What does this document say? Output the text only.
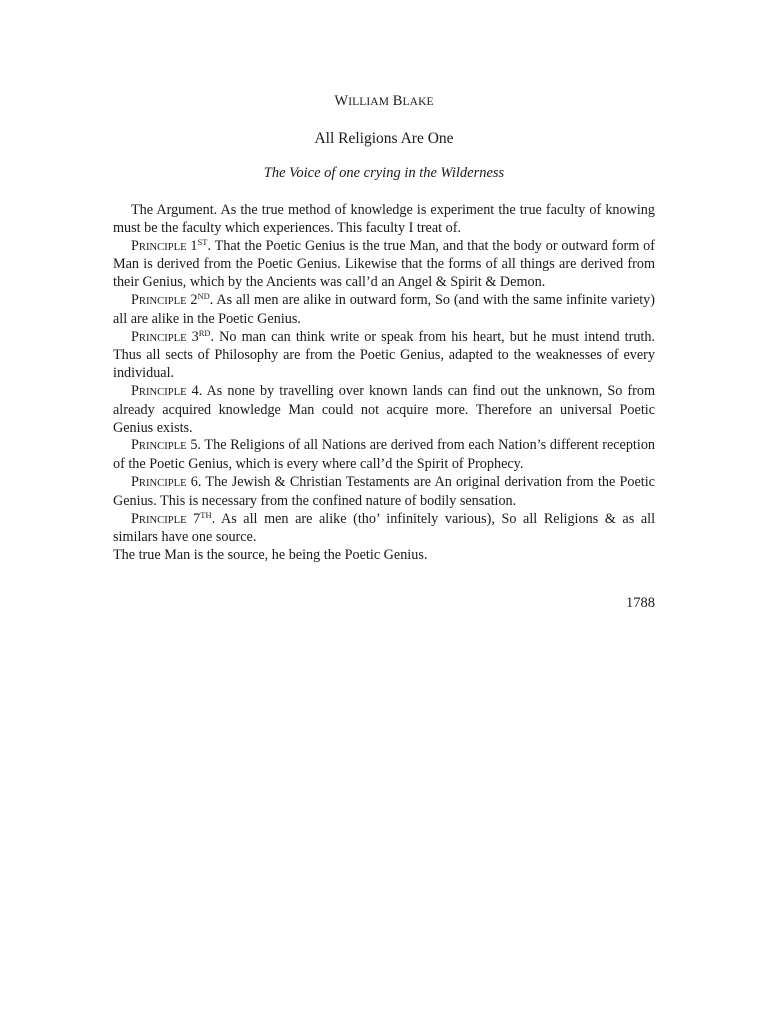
WILLIAM BLAKE
All Religions Are One
The Voice of one crying in the Wilderness

The Argument. As the true method of knowledge is experiment the true faculty of knowing must be the faculty which experiences. This faculty I treat of.

PRINCIPLE 1ST. That the Poetic Genius is the true Man, and that the body or outward form of Man is derived from the Poetic Genius. Likewise that the forms of all things are derived from their Genius, which by the Ancients was call’d an Angel & Spirit & Demon.

PRINCIPLE 2ND. As all men are alike in outward form, So (and with the same infinite variety) all are alike in the Poetic Genius.

PRINCIPLE 3RD. No man can think write or speak from his heart, but he must intend truth. Thus all sects of Philosophy are from the Poetic Genius, adapted to the weaknesses of every individual.

PRINCIPLE 4. As none by travelling over known lands can find out the unknown, So from already acquired knowledge Man could not acquire more. Therefore an universal Poetic Genius exists.

PRINCIPLE 5. The Religions of all Nations are derived from each Nation’s different reception of the Poetic Genius, which is every where call’d the Spirit of Prophecy.

PRINCIPLE 6. The Jewish & Christian Testaments are An original derivation from the Poetic Genius. This is necessary from the confined nature of bodily sensation.

PRINCIPLE 7TH. As all men are alike (tho’ infinitely various), So all Religions & as all similars have one source.

The true Man is the source, he being the Poetic Genius.

1788
